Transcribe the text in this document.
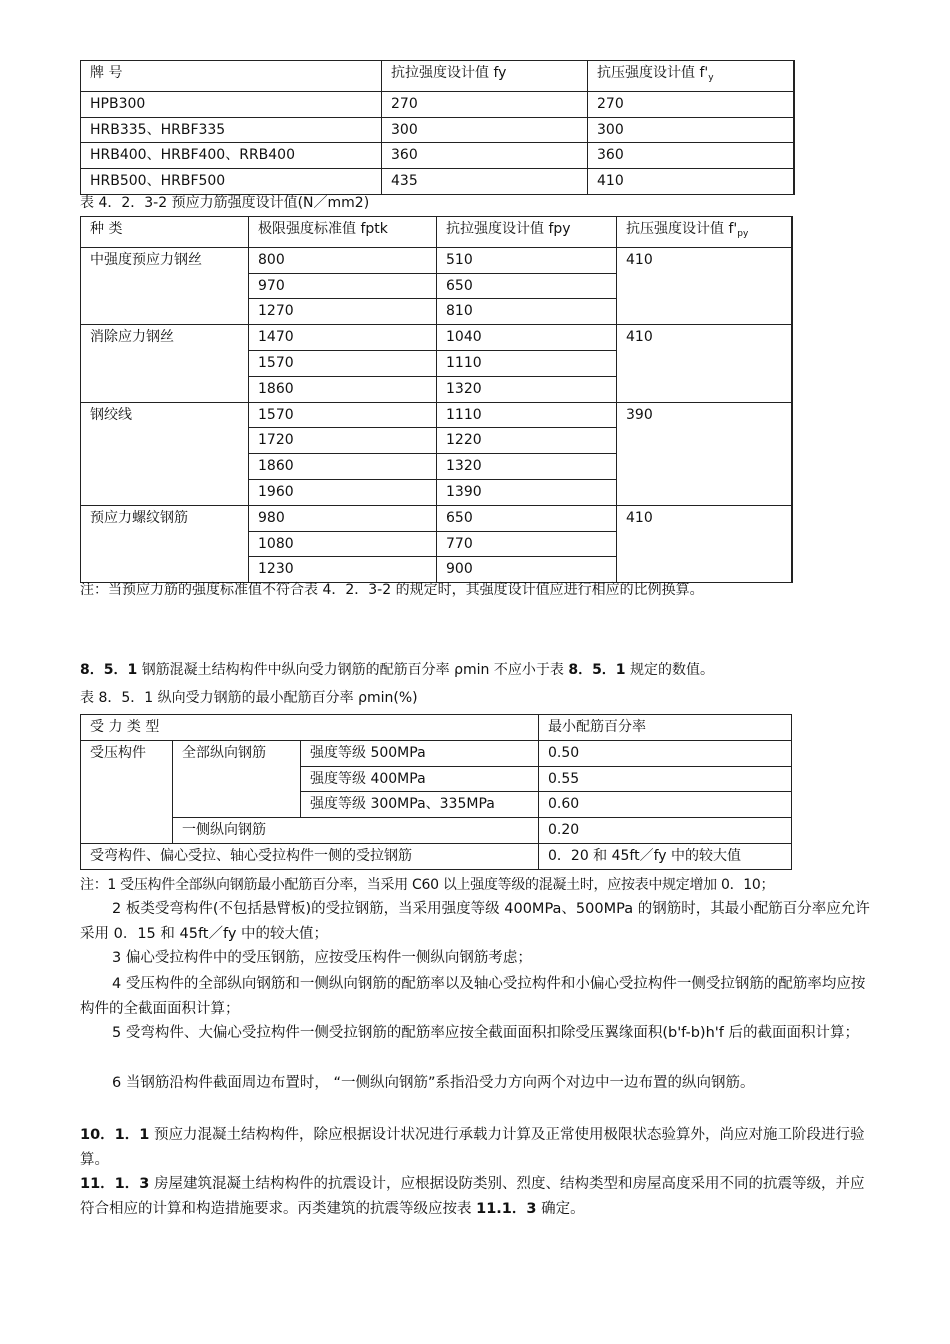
牌 号	抗拉强度设计值 fy	抗压强度设计值 $f'_y$
HPB300	270	270
HRB335、HRBF335	300	300
HRB400、HRBF400、RRB400	360	360
HRB500、HRBF500	435	410
表 4．2．3-2 预应力筋强度设计值(N／mm2)
种 类	极限强度标准值 fptk	抗拉强度设计值 fpy	抗压强度设计值 $f'_{py}$
中强度预应力钢丝	800	510	410
	970	650	
	1270	810	
消除应力钢丝	1470	1040	410
	1570	1110	
	1860	1320	
钢绞线	1570	1110	390
	1720	1220	
	1860	1320	
	1960	1390	
预应力螺纹钢筋	980	650	410
	1080	770	
	1230	900	
注：当预应力筋的强度标准值不符合表 4．2．3-2 的规定时，其强度设计值应进行相应的比例换算。
8．5．1 钢筋混凝土结构构件中纵向受力钢筋的配筋百分率 ρmin 不应小于表 8．5．1 规定的数值。
表 8．5．1 纵向受力钢筋的最小配筋百分率 ρmin(%)
受 力 类 型			最小配筋百分率
受压构件	全部纵向钢筋	强度等级 500MPa	0.50
		强度等级 400MPa	0.55
		强度等级 300MPa、335MPa	0.60
	一侧纵向钢筋		0.20
受弯构件、偏心受拉、轴心受拉构件一侧的受拉钢筋			0．20 和 45ft／fy 中的较大值
注：1 受压构件全部纵向钢筋最小配筋百分率，当采用 C60 以上强度等级的混凝土时，应按表中规定增加 0．10；
2 板类受弯构件(不包括悬臂板)的受拉钢筋，当采用强度等级 400MPa、500MPa 的钢筋时，其最小配筋百分率应允许采用 0．15 和 45ft／fy 中的较大值；
3 偏心受拉构件中的受压钢筋，应按受压构件一侧纵向钢筋考虑；
4 受压构件的全部纵向钢筋和一侧纵向钢筋的配筋率以及轴心受拉构件和小偏心受拉构件一侧受拉钢筋的配筋率均应按构件的全截面面积计算；
5 受弯构件、大偏心受拉构件一侧受拉钢筋的配筋率应按全截面面积扣除受压翼缘面积(b'f-b)h'f 后的截面面积计算；
6 当钢筋沿构件截面周边布置时， “一侧纵向钢筋”系指沿受力方向两个对边中一边布置的纵向钢筋。
10．1．1 预应力混凝土结构构件，除应根据设计状况进行承载力计算及正常使用极限状态验算外，尚应对施工阶段进行验算。
11．1．3 房屋建筑混凝土结构构件的抗震设计，应根据设防类别、烈度、结构类型和房屋高度采用不同的抗震等级，并应符合相应的计算和构造措施要求。丙类建筑的抗震等级应按表 11.1．3 确定。
